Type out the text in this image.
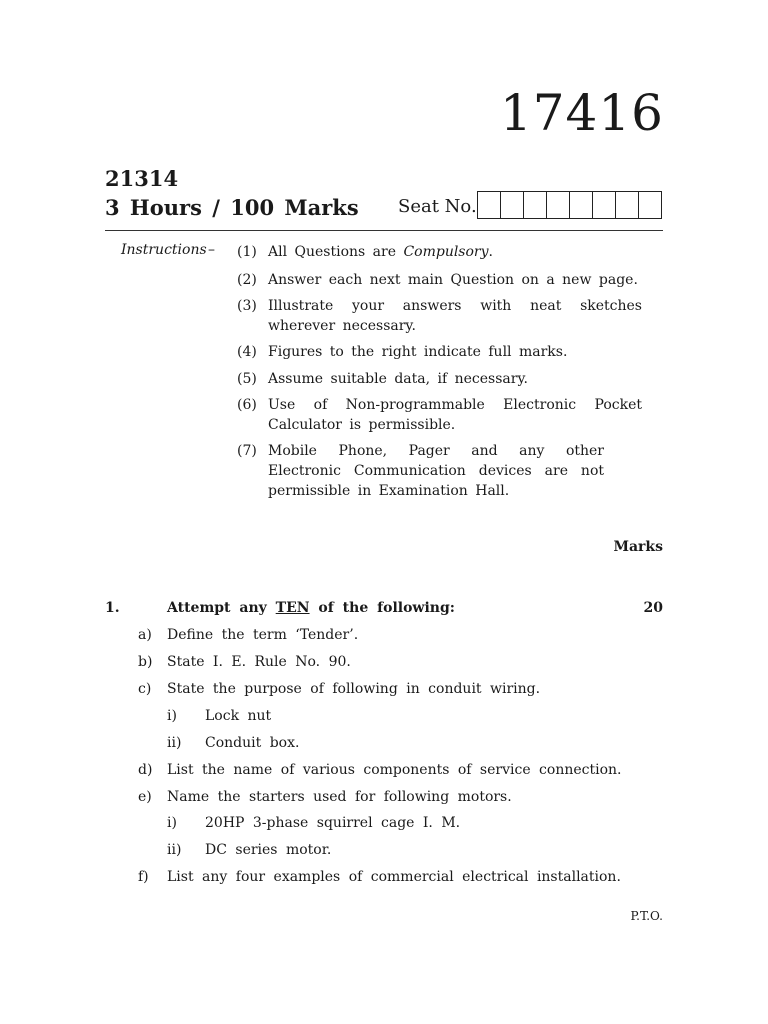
17416
21314
3 Hours / 100 Marks Seat No.
Instructions – (1) All Questions are Compulsory.
(2) Answer each next main Question on a new page.
(3) Illustrate your answers with neat sketches wherever necessary.
(4) Figures to the right indicate full marks.
(5) Assume suitable data, if necessary.
(6) Use of Non-programmable Electronic Pocket Calculator is permissible.
(7) Mobile Phone, Pager and any other Electronic Communication devices are not permissible in Examination Hall.
Marks
1.	Attempt any TEN of the following:	20
a) Define the term ‘Tender’.
b) State I. E. Rule No. 90.
c) State the purpose of following in conduit wiring.
i) Lock nut
ii) Conduit box.
d) List the name of various components of service connection.
e) Name the starters used for following motors.
i) 20HP 3-phase squirrel cage I. M.
ii) DC series motor.
f) List any four examples of commercial electrical installation.
P.T.O.
